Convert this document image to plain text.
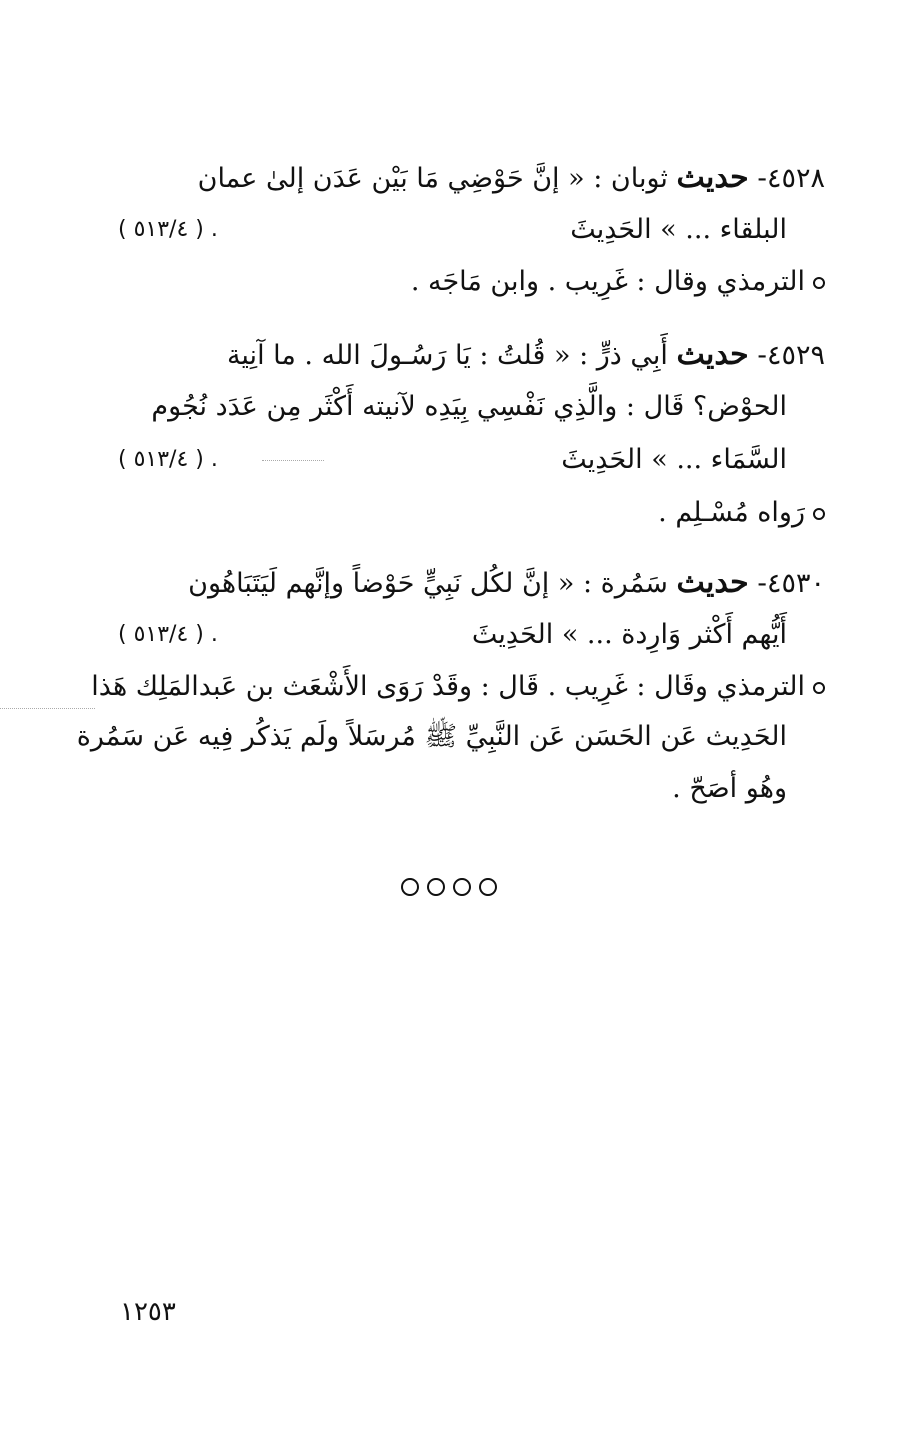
٤٥٢٨- حديث ثوبان : « إنَّ حَوْضِي مَا بَيْن عَدَن إلىٰ عمان
البلقاء ... » الحَدِيثَ
( ٥١٣/٤ ) .
الترمذي وقال : غَرِيب . وابن مَاجَه .
٤٥٢٩- حديث أَبِي ذرٍّ : « قُلتُ : يَا رَسُـولَ الله . ما آنِية
الحوْض؟ قَال : والَّذِي نَفْسِي بِيَدِه لآنيته أَكْثَر مِن عَدَد نُجُوم
السَّمَاء ... » الحَدِيثَ
( ٥١٣/٤ ) .
رَواه مُسْـلِم .
٤٥٣٠- حديث سَمُرة : « إنَّ لكُل نَبِيٍّ حَوْضاً وإنَّهم لَيَتَبَاهُون
أَيُّهم أَكْثر وَارِدة ... » الحَدِيثَ
( ٥١٣/٤ ) .
الترمذي وقَال : غَرِيب . قَال : وقَدْ رَوَى الأَشْعَث بن عَبدالمَلِك هَذا
الحَدِيث عَن الحَسَن عَن النَّبِيِّ ﷺ مُرسَلاً ولَم يَذكُر فِيه عَن سَمُرة
وهُو أصَحّ .
١٢٥٣
